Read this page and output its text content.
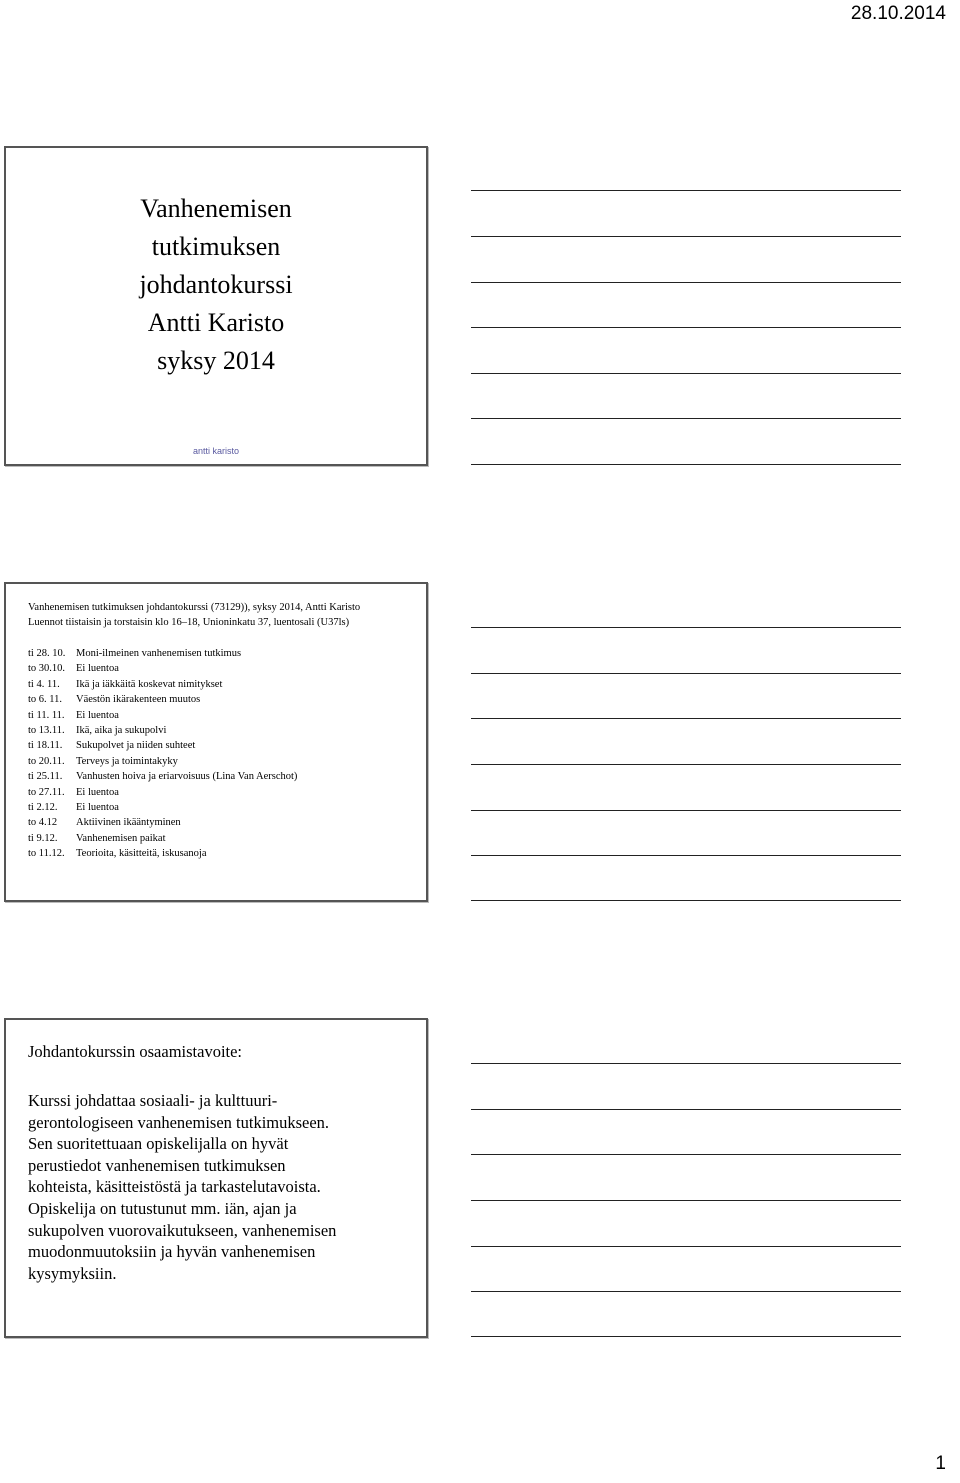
28.10.2014
Vanhenemisen
tutkimuksen
johdantokurssi
Antti Karisto
syksy 2014
antti karisto
Vanhenemisen tutkimuksen johdantokurssi (73129)), syksy 2014, Antti Karisto
Luennot tiistaisin ja torstaisin klo 16–18, Unioninkatu 37, luentosali (U37ls)
ti 28. 10.	Moni-ilmeinen vanhenemisen tutkimus
to 30.10.	Ei luentoa
ti 4. 11.	Ikä ja iäkkäitä koskevat nimitykset
to 6. 11.	Väestön ikärakenteen muutos
ti 11. 11.	Ei luentoa
to 13.11.	Ikä, aika ja sukupolvi
ti 18.11.	Sukupolvet ja niiden suhteet
to 20.11.	Terveys ja toimintakyky
ti 25.11.	Vanhusten hoiva ja eriarvoisuus (Lina Van Aerschot)
to 27.11.	Ei luentoa
ti 2.12.	Ei luentoa
to 4.12	Aktiivinen ikääntyminen
ti 9.12.	Vanhenemisen paikat
to 11.12.	Teorioita, käsitteitä, iskusanoja
Johdantokurssin osaamistavoite:
Kurssi johdattaa sosiaali- ja kulttuuri-
gerontologiseen vanhenemisen tutkimukseen.
Sen suoritettuaan opiskelijalla on hyvät
perustiedot vanhenemisen tutkimuksen
kohteista, käsitteistöstä ja tarkastelutavoista.
Opiskelija on tutustunut mm. iän, ajan ja
sukupolven vuorovaikutukseen, vanhenemisen
muodonmuutoksiin ja hyvän vanhenemisen
kysymyksiin.
1
